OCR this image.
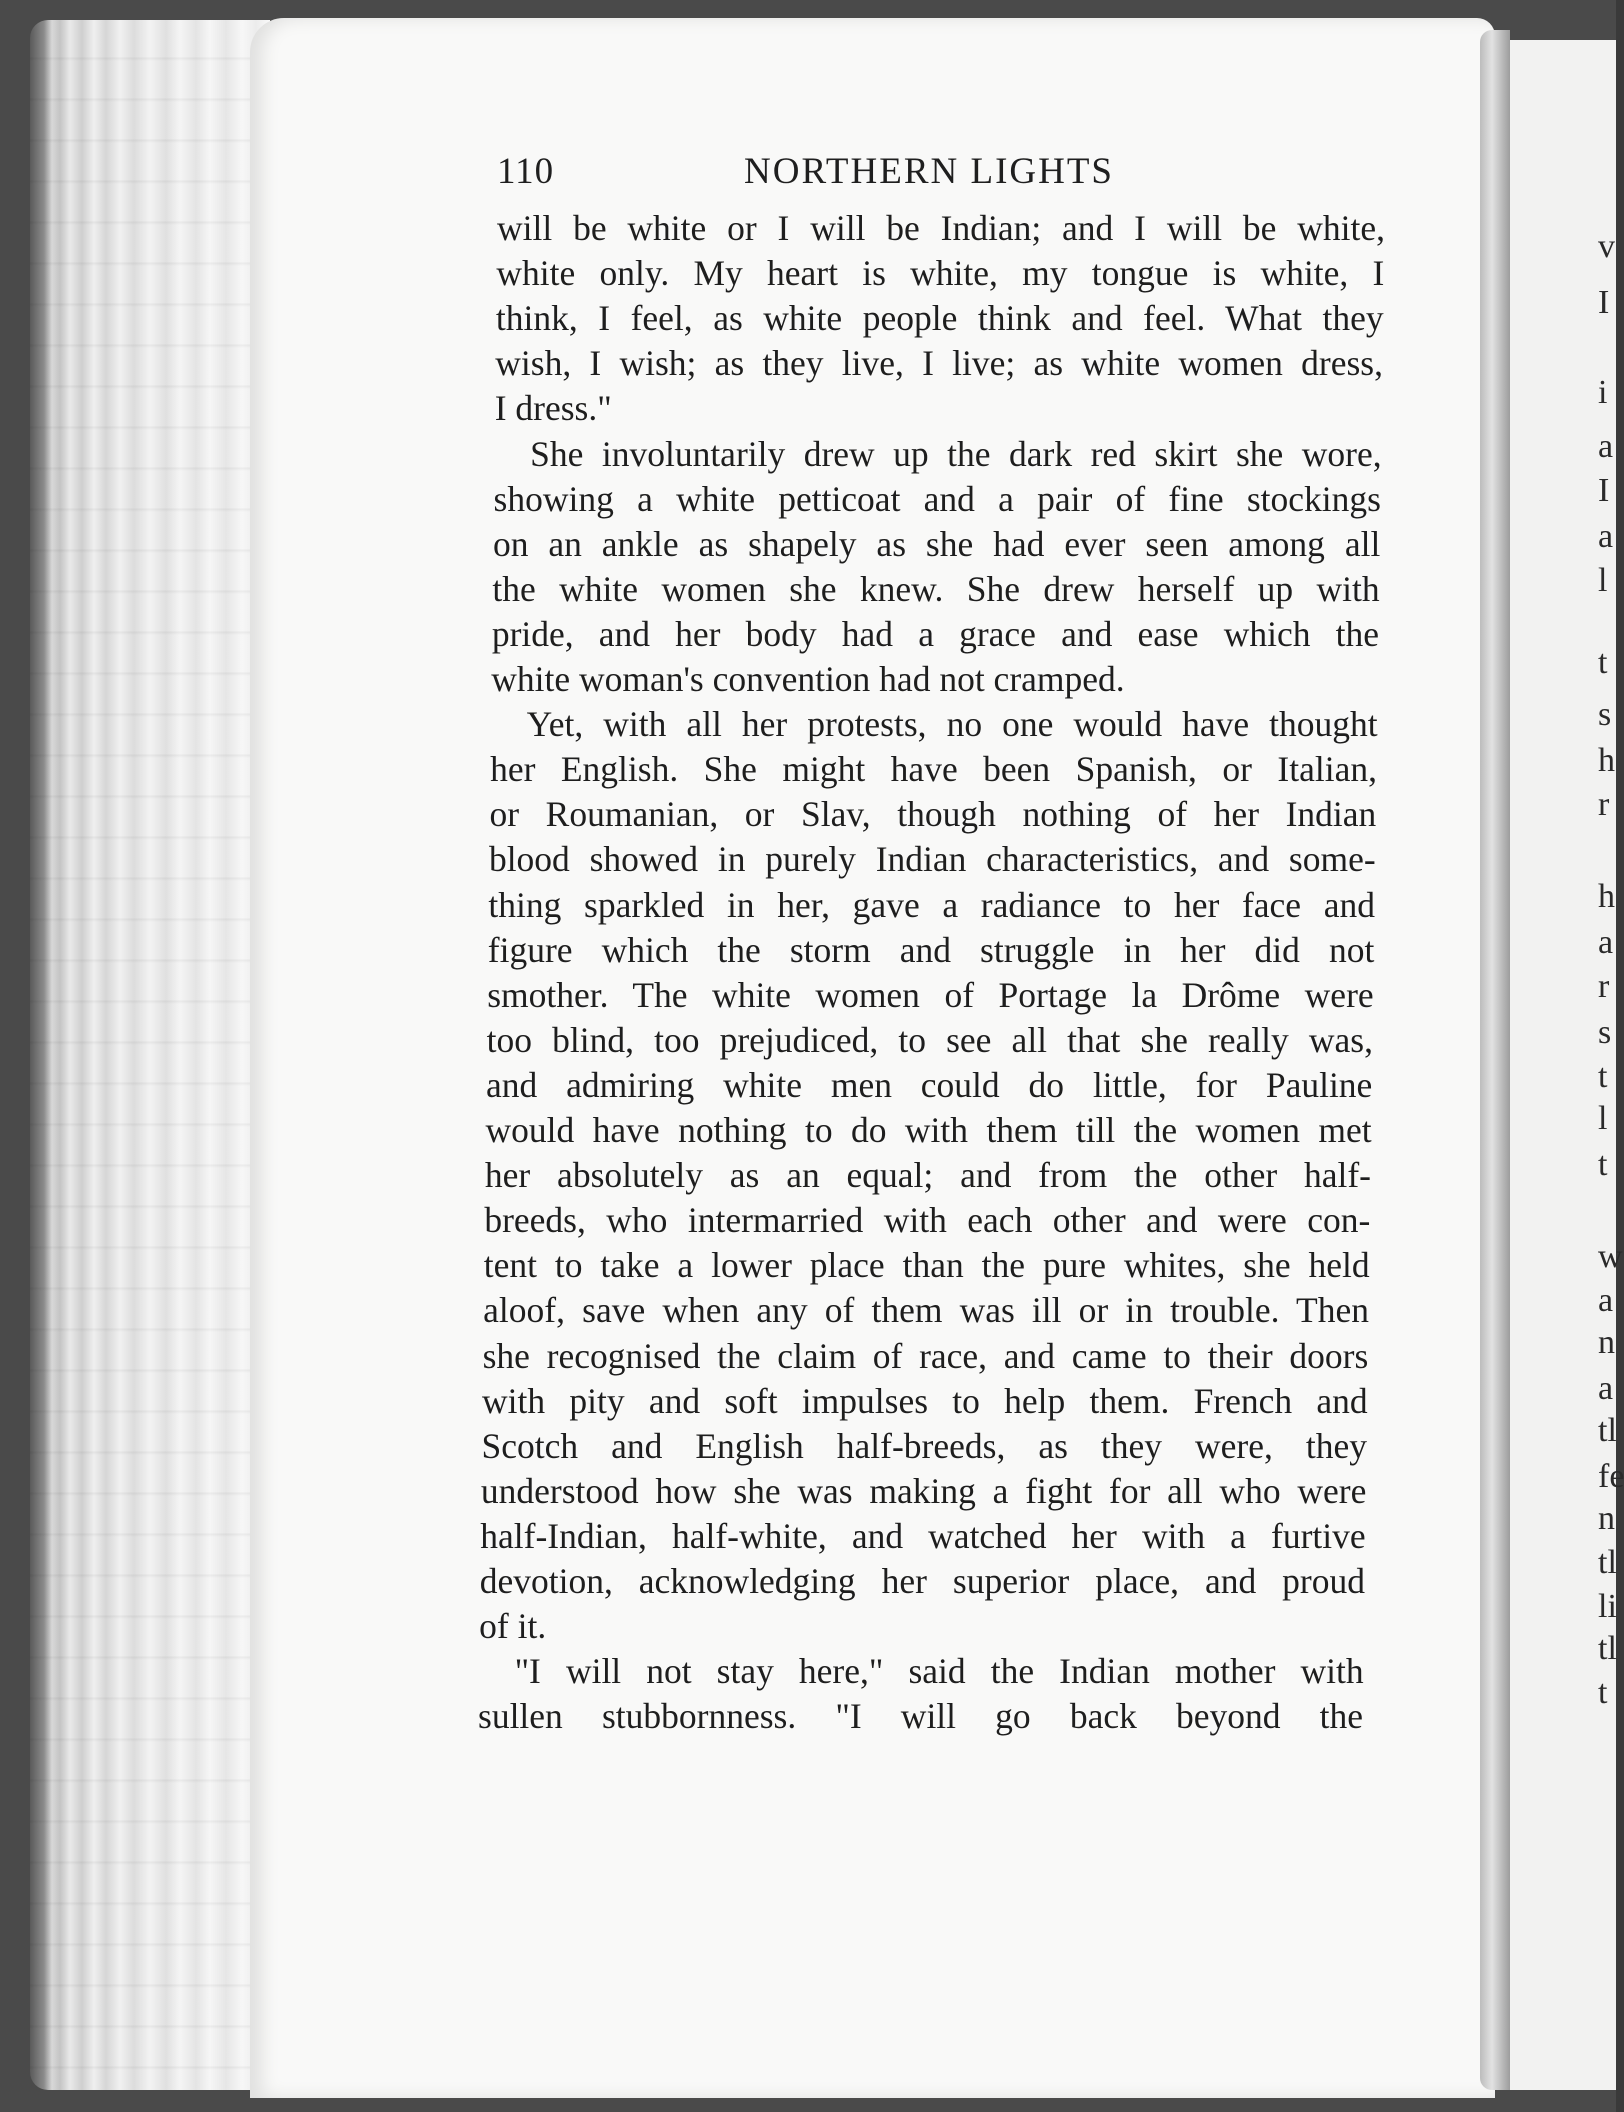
110	NORTHERN LIGHTS
will be white or I will be Indian; and I will be white,
white only. My heart is white, my tongue is white, I
think, I feel, as white people think and feel. What they
wish, I wish; as they live, I live; as white women dress,
I dress."
She involuntarily drew up the dark red skirt she wore,
showing a white petticoat and a pair of fine stockings
on an ankle as shapely as she had ever seen among all
the white women she knew. She drew herself up with
pride, and her body had a grace and ease which the
white woman's convention had not cramped.
Yet, with all her protests, no one would have thought
her English. She might have been Spanish, or Italian,
or Roumanian, or Slav, though nothing of her Indian
blood showed in purely Indian characteristics, and some-
thing sparkled in her, gave a radiance to her face and
figure which the storm and struggle in her did not
smother. The white women of Portage la Drôme were
too blind, too prejudiced, to see all that she really was,
and admiring white men could do little, for Pauline
would have nothing to do with them till the women met
her absolutely as an equal; and from the other half-
breeds, who intermarried with each other and were con-
tent to take a lower place than the pure whites, she held
aloof, save when any of them was ill or in trouble. Then
she recognised the claim of race, and came to their doors
with pity and soft impulses to help them. French and
Scotch and English half-breeds, as they were, they
understood how she was making a fight for all who were
half-Indian, half-white, and watched her with a furtive
devotion, acknowledging her superior place, and proud
of it.
"I will not stay here," said the Indian mother with
sullen stubbornness. "I will go back beyond the
v
I
i
a
I
a
l
t
s
h
r
h
a
r
s
t
l
t
w
a
n
a
tl
fe
n
tl
li
tl
t
